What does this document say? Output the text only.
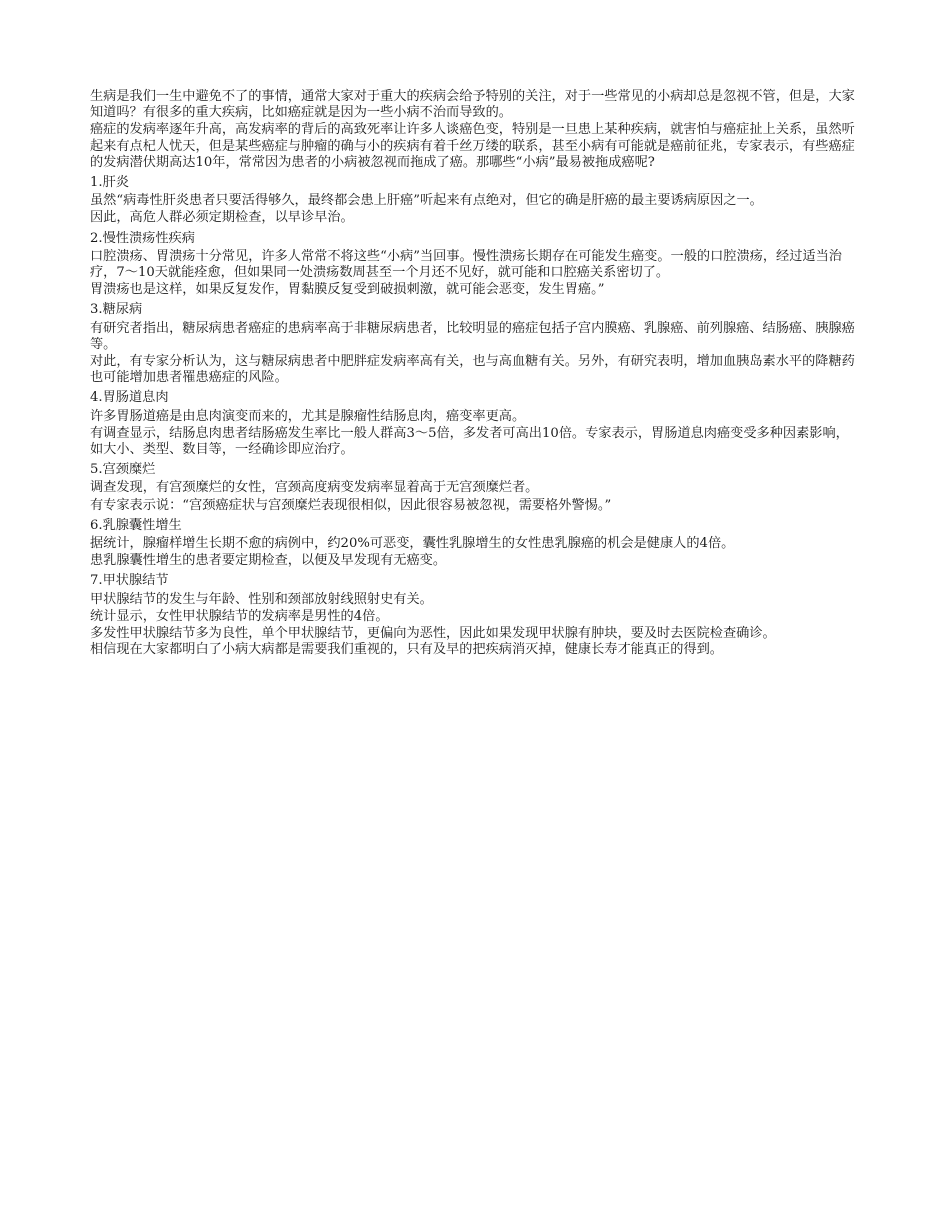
生病是我们一生中避免不了的事情，通常大家对于重大的疾病会给予特别的关注，对于一些常见的小病却总是忽视不管，但是，大家知道吗？有很多的重大疾病，比如癌症就是因为一些小病不治而导致的。

癌症的发病率逐年升高，高发病率的背后的高致死率让许多人谈癌色变，特别是一旦患上某种疾病，就害怕与癌症扯上关系，虽然听起来有点杞人忧天，但是某些癌症与肿瘤的确与小的疾病有着千丝万缕的联系，甚至小病有可能就是癌前征兆，专家表示，有些癌症的发病潜伏期高达10年，常常因为患者的小病被忽视而拖成了癌。那哪些“小病”最易被拖成癌呢?

1.肝炎

虽然“病毒性肝炎患者只要活得够久，最终都会患上肝癌”听起来有点绝对，但它的确是肝癌的最主要诱病原因之一。

因此，高危人群必须定期检查，以早诊早治。

2.慢性溃疡性疾病

口腔溃疡、胃溃疡十分常见，许多人常常不将这些“小病”当回事。慢性溃疡长期存在可能发生癌变。一般的口腔溃疡，经过适当治疗，7～10天就能痊愈，但如果同一处溃疡数周甚至一个月还不见好，就可能和口腔癌关系密切了。

胃溃疡也是这样，如果反复发作，胃黏膜反复受到破损刺激，就可能会恶变，发生胃癌。”

3.糖尿病

有研究者指出，糖尿病患者癌症的患病率高于非糖尿病患者，比较明显的癌症包括子宫内膜癌、乳腺癌、前列腺癌、结肠癌、胰腺癌等。

对此，有专家分析认为，这与糖尿病患者中肥胖症发病率高有关，也与高血糖有关。另外，有研究表明，增加血胰岛素水平的降糖药也可能增加患者罹患癌症的风险。

4.胃肠道息肉

许多胃肠道癌是由息肉演变而来的，尤其是腺瘤性结肠息肉，癌变率更高。

有调查显示，结肠息肉患者结肠癌发生率比一般人群高3～5倍，多发者可高出10倍。专家表示，胃肠道息肉癌变受多种因素影响，如大小、类型、数目等，一经确诊即应治疗。

5.宫颈糜烂

调查发现，有宫颈糜烂的女性，宫颈高度病变发病率显着高于无宫颈糜烂者。

有专家表示说：“宫颈癌症状与宫颈糜烂表现很相似，因此很容易被忽视，需要格外警惕。”

6.乳腺囊性增生

据统计，腺瘤样增生长期不愈的病例中，约20%可恶变，囊性乳腺增生的女性患乳腺癌的机会是健康人的4倍。

患乳腺囊性增生的患者要定期检查，以便及早发现有无癌变。

7.甲状腺结节

甲状腺结节的发生与年龄、性别和颈部放射线照射史有关。

统计显示，女性甲状腺结节的发病率是男性的4倍。

多发性甲状腺结节多为良性，单个甲状腺结节，更偏向为恶性，因此如果发现甲状腺有肿块，要及时去医院检查确诊。

相信现在大家都明白了小病大病都是需要我们重视的，只有及早的把疾病消灭掉，健康长寿才能真正的得到。
